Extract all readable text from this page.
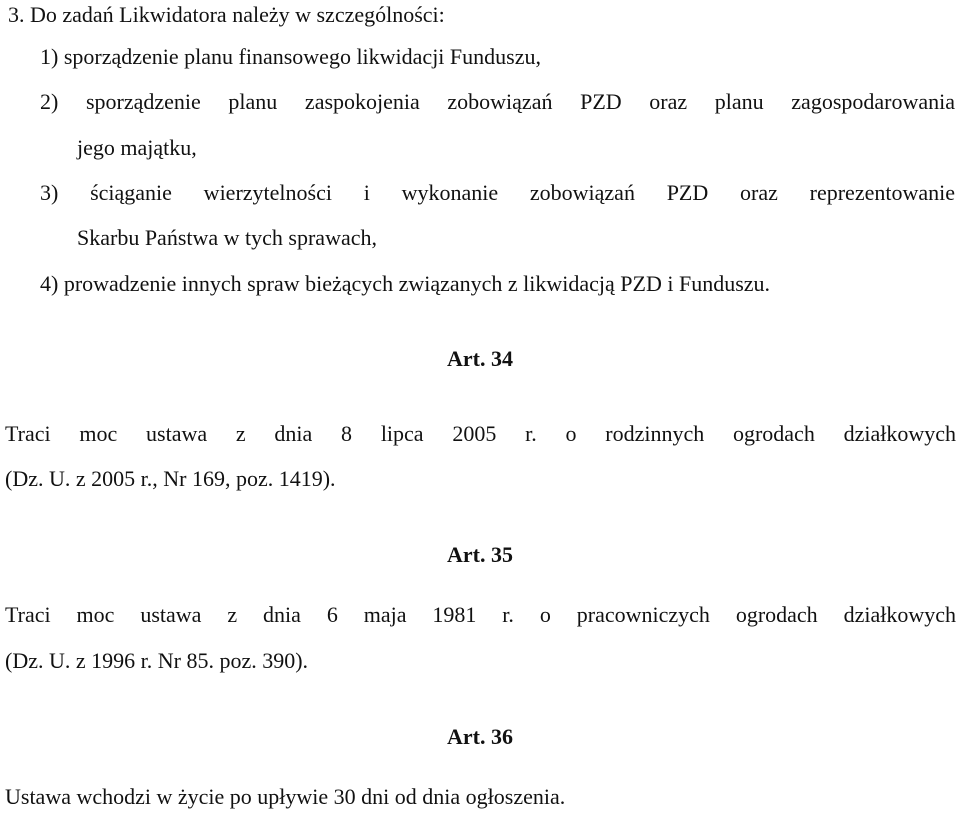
3. Do zadań Likwidatora należy w szczególności:
1) sporządzenie planu finansowego likwidacji Funduszu,
2) sporządzenie planu zaspokojenia zobowiązań PZD oraz planu zagospodarowania
jego majątku,
3) ściąganie wierzytelności i wykonanie zobowiązań PZD oraz reprezentowanie
Skarbu Państwa w tych sprawach,
4) prowadzenie innych spraw bieżących związanych z likwidacją PZD i Funduszu.
Art. 34
Traci moc ustawa z dnia 8 lipca 2005 r. o rodzinnych ogrodach działkowych
(Dz. U. z 2005 r., Nr 169, poz. 1419).
Art. 35
Traci moc ustawa z dnia 6 maja 1981 r. o pracowniczych ogrodach działkowych
(Dz. U. z 1996 r. Nr 85. poz. 390).
Art. 36
Ustawa wchodzi w życie po upływie 30 dni od dnia ogłoszenia.
